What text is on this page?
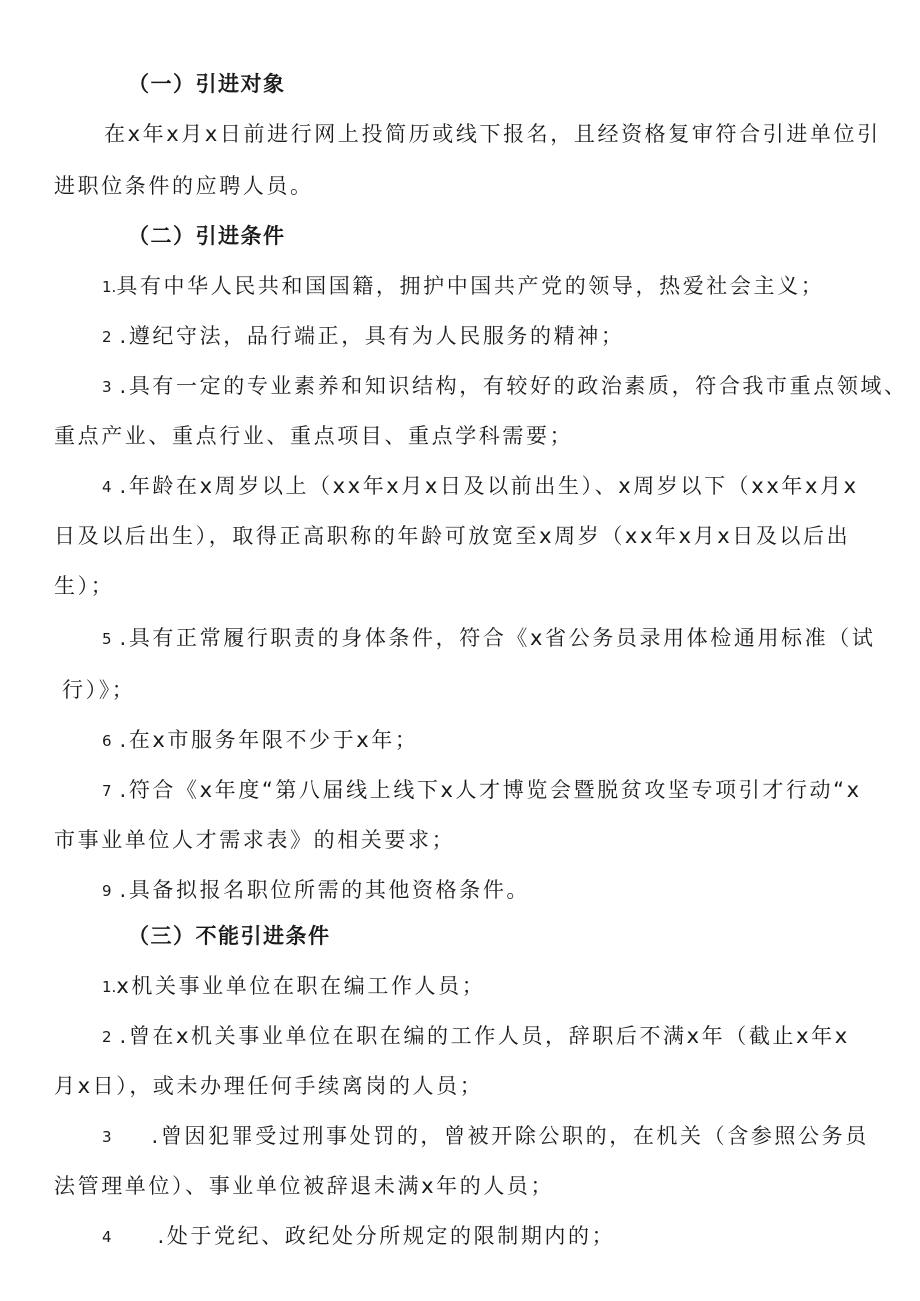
（一）引进对象
在x年x月x日前进行网上投简历或线下报名，且经资格复审符合引进单位引
进职位条件的应聘人员。
（二）引进条件
1.具有中华人民共和国国籍，拥护中国共产党的领导，热爱社会主义；
2 .遵纪守法，品行端正，具有为人民服务的精神；
3 .具有一定的专业素养和知识结构，有较好的政治素质，符合我市重点领域、
重点产业、重点行业、重点项目、重点学科需要；
4 .年龄在x周岁以上（xx年x月x日及以前出生）、x周岁以下（xx年x月x
日及以后出生），取得正高职称的年龄可放宽至x周岁（xx年x月x日及以后出
生）；
5 .具有正常履行职责的身体条件，符合《x省公务员录用体检通用标准（试
行）》；
6 .在x市服务年限不少于x年；
7 .符合《x年度“第八届线上线下x人才博览会暨脱贫攻坚专项引才行动“x
市事业单位人才需求表》的相关要求；
9 .具备拟报名职位所需的其他资格条件。
（三）不能引进条件
1.x机关事业单位在职在编工作人员；
2 .曾在x机关事业单位在职在编的工作人员，辞职后不满x年（截止x年x
月x日），或未办理任何手续离岗的人员；
3 .曾因犯罪受过刑事处罚的，曾被开除公职的，在机关（含参照公务员
法管理单位）、事业单位被辞退未满x年的人员；
4 .处于党纪、政纪处分所规定的限制期内的；
